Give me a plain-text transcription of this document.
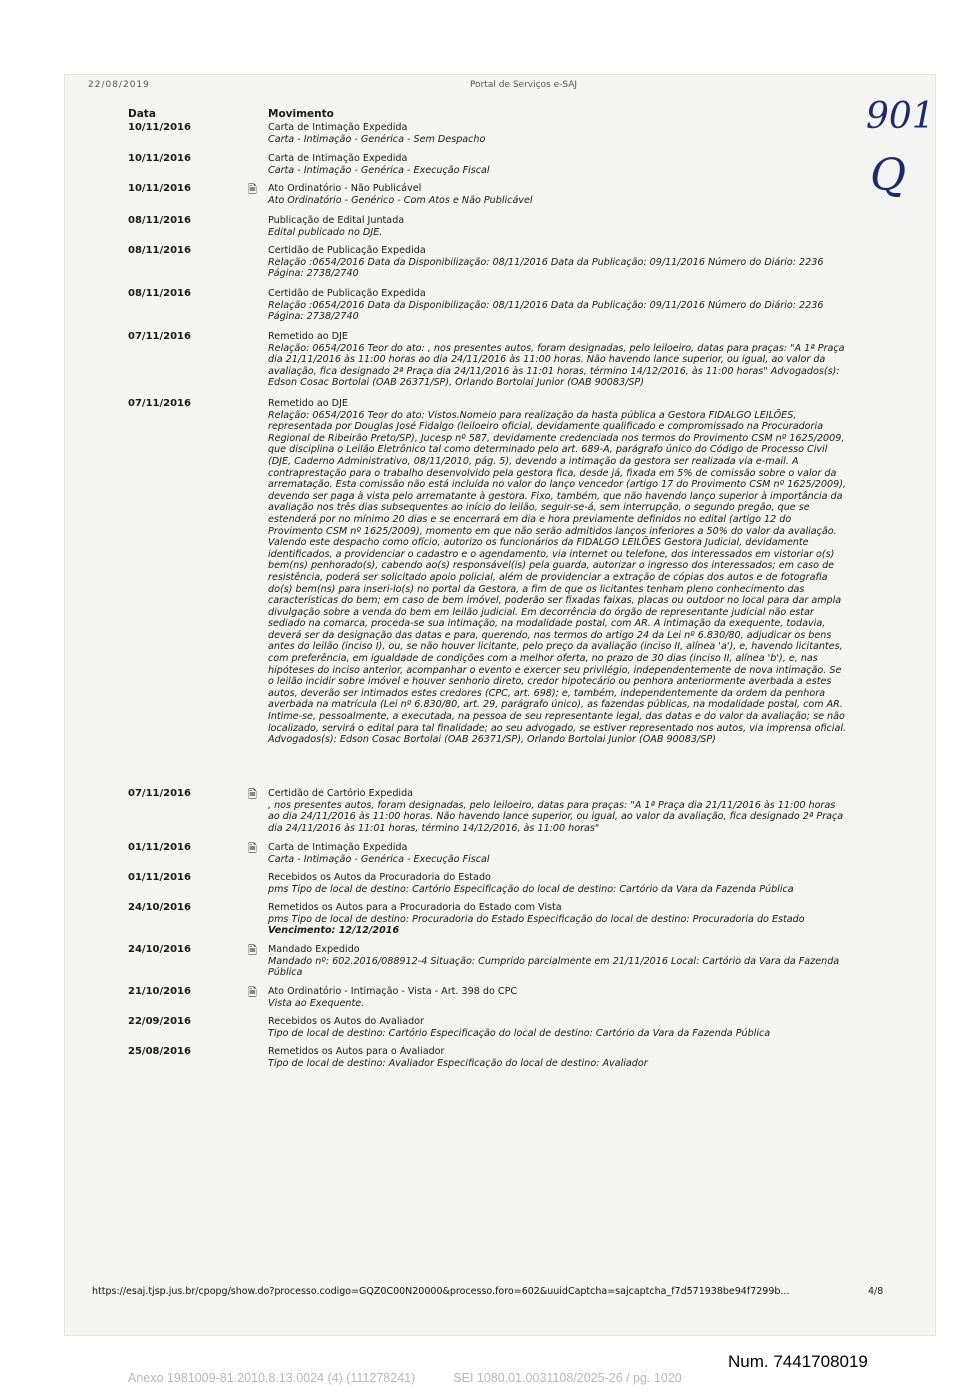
22/08/2019	Portal de Serviços e-SAJ
Data	Movimento	901
Q
10/11/2016	Carta de Intimação Expedida
Carta - Intimação - Genérica - Sem Despacho
10/11/2016	Carta de Intimação Expedida
Carta - Intimação - Genérica - Execução Fiscal
10/11/2016	🗎	Ato Ordinatório - Não Publicável
Ato Ordinatório - Genérico - Com Atos e Não Publicável
08/11/2016	Publicação de Edital Juntada
Edital publicado no DJE.
08/11/2016	Certidão de Publicação Expedida
Relação :0654/2016 Data da Disponibilização: 08/11/2016 Data da Publicação: 09/11/2016 Número do Diário: 2236 Página: 2738/2740
08/11/2016	Certidão de Publicação Expedida
Relação :0654/2016 Data da Disponibilização: 08/11/2016 Data da Publicação: 09/11/2016 Número do Diário: 2236 Página: 2738/2740
07/11/2016	Remetido ao DJE
Relação: 0654/2016 Teor do ato: , nos presentes autos, foram designadas, pelo leiloeiro, datas para praças: "A 1ª Praça dia 21/11/2016 às 11:00 horas ao dia 24/11/2016 às 11:00 horas. Não havendo lance superior, ou igual, ao valor da avaliação, fica designado 2ª Praça dia 24/11/2016 às 11:01 horas, término 14/12/2016, às 11:00 horas" Advogados(s): Edson Cosac Bortolai (OAB 26371/SP), Orlando Bortolai Junior (OAB 90083/SP)
07/11/2016	Remetido ao DJE
Relação: 0654/2016 Teor do ato: Vistos.Nomeio para realização da hasta pública a Gestora FIDALGO LEILÕES, representada por Douglas José Fidalgo (leiloeiro oficial, devidamente qualificado e compromissado na Procuradoria Regional de Ribeirão Preto/SP), Jucesp nº 587, devidamente credenciada nos termos do Provimento CSM nº 1625/2009, que disciplina o Leilão Eletrônico tal como determinado pelo art. 689-A, parágrafo único do Código de Processo Civil (DJE, Caderno Administrativo, 08/11/2010, pág. 5), devendo a intimação da gestora ser realizada via e-mail. A contraprestação para o trabalho desenvolvido pela gestora fica, desde já, fixada em 5% de comissão sobre o valor da arrematação. Esta comissão não está incluída no valor do lanço vencedor (artigo 17 do Provimento CSM nº 1625/2009), devendo ser paga à vista pelo arrematante à gestora. Fixo, também, que não havendo lanço superior à importância da avaliação nos três dias subsequentes ao início do leilão, seguir-se-á, sem interrupção, o segundo pregão, que se estenderá por no mínimo 20 dias e se encerrará em dia e hora previamente definidos no edital (artigo 12 do Provimento CSM nº 1625/2009), momento em que não serão admitidos lanços inferiores a 50% do valor da avaliação. Valendo este despacho como ofício, autorizo os funcionários da FIDALGO LEILÕES Gestora Judicial, devidamente identificados, a providenciar o cadastro e o agendamento, via internet ou telefone, dos interessados em vistoriar o(s) bem(ns) penhorado(s), cabendo ao(s) responsável(is) pela guarda, autorizar o ingresso dos interessados; em caso de resistência, poderá ser solicitado apoio policial, além de providenciar a extração de cópias dos autos e de fotografia do(s) bem(ns) para inseri-lo(s) no portal da Gestora, a fim de que os licitantes tenham pleno conhecimento das características do bem; em caso de bem imóvel, poderão ser fixadas faixas, placas ou outdoor no local para dar ampla divulgação sobre a venda do bem em leilão judicial. Em decorrência do órgão de representante judicial não estar sediado na comarca, proceda-se sua intimação, na modalidade postal, com AR. A intimação da exequente, todavia, deverá ser da designação das datas e para, querendo, nos termos do artigo 24 da Lei nº 6.830/80, adjudicar os bens antes do leilão (inciso I), ou, se não houver licitante, pelo preço da avaliação (inciso II, alínea 'a'), e, havendo licitantes, com preferência, em igualdade de condições com a melhor oferta, no prazo de 30 dias (inciso II, alínea 'b'), e, nas hipóteses do inciso anterior, acompanhar o evento e exercer seu privilégio, independentemente de nova intimação. Se o leilão incidir sobre imóvel e houver senhorio direto, credor hipotecário ou penhora anteriormente averbada a estes autos, deverão ser intimados estes credores (CPC, art. 698); e, também, independentemente da ordem da penhora averbada na matrícula (Lei nº 6.830/80, art. 29, parágrafo único), as fazendas públicas, na modalidade postal, com AR. Intime-se, pessoalmente, a executada, na pessoa de seu representante legal, das datas e do valor da avaliação; se não localizado, servirá o edital para tal finalidade; ao seu advogado, se estiver representado nos autos, via imprensa oficial. Advogados(s): Edson Cosac Bortolai (OAB 26371/SP), Orlando Bortolai Junior (OAB 90083/SP)
07/11/2016	🗎	Certidão de Cartório Expedida
, nos presentes autos, foram designadas, pelo leiloeiro, datas para praças: "A 1ª Praça dia 21/11/2016 às 11:00 horas ao dia 24/11/2016 às 11:00 horas. Não havendo lance superior, ou igual, ao valor da avaliação, fica designado 2ª Praça dia 24/11/2016 às 11:01 horas, término 14/12/2016, às 11:00 horas"
01/11/2016	🗎	Carta de Intimação Expedida
Carta - Intimação - Genérica - Execução Fiscal
01/11/2016	Recebidos os Autos da Procuradoria do Estado
pms Tipo de local de destino: Cartório Especificação do local de destino: Cartório da Vara da Fazenda Pública
24/10/2016	Remetidos os Autos para a Procuradoria do Estado com Vista
pms Tipo de local de destino: Procuradoria do Estado Especificação do local de destino: Procuradoria do Estado
Vencimento: 12/12/2016
24/10/2016	🗎	Mandado Expedido
Mandado nº: 602.2016/088912-4 Situação: Cumprido parcialmente em 21/11/2016 Local: Cartório da Vara da Fazenda Pública
21/10/2016	🗎	Ato Ordinatório - Intimação - Vista - Art. 398 do CPC
Vista ao Exequente.
22/09/2016	Recebidos os Autos do Avaliador
Tipo de local de destino: Cartório Especificação do local de destino: Cartório da Vara da Fazenda Pública
25/08/2016	Remetidos os Autos para o Avaliador
Tipo de local de destino: Avaliador Especificação do local de destino: Avaliador
https://esaj.tjsp.jus.br/cpopg/show.do?processo.codigo=GQZ0C00N20000&processo.foro=602&uuidCaptcha=sajcaptcha_f7d571938be94f7299b...	4/8
Num. 7441708019
Anexo 1981009-81.2010.8.13.0024 (4) (111278241)	SEI 1080.01.0031108/2025-26 / pg. 1020
